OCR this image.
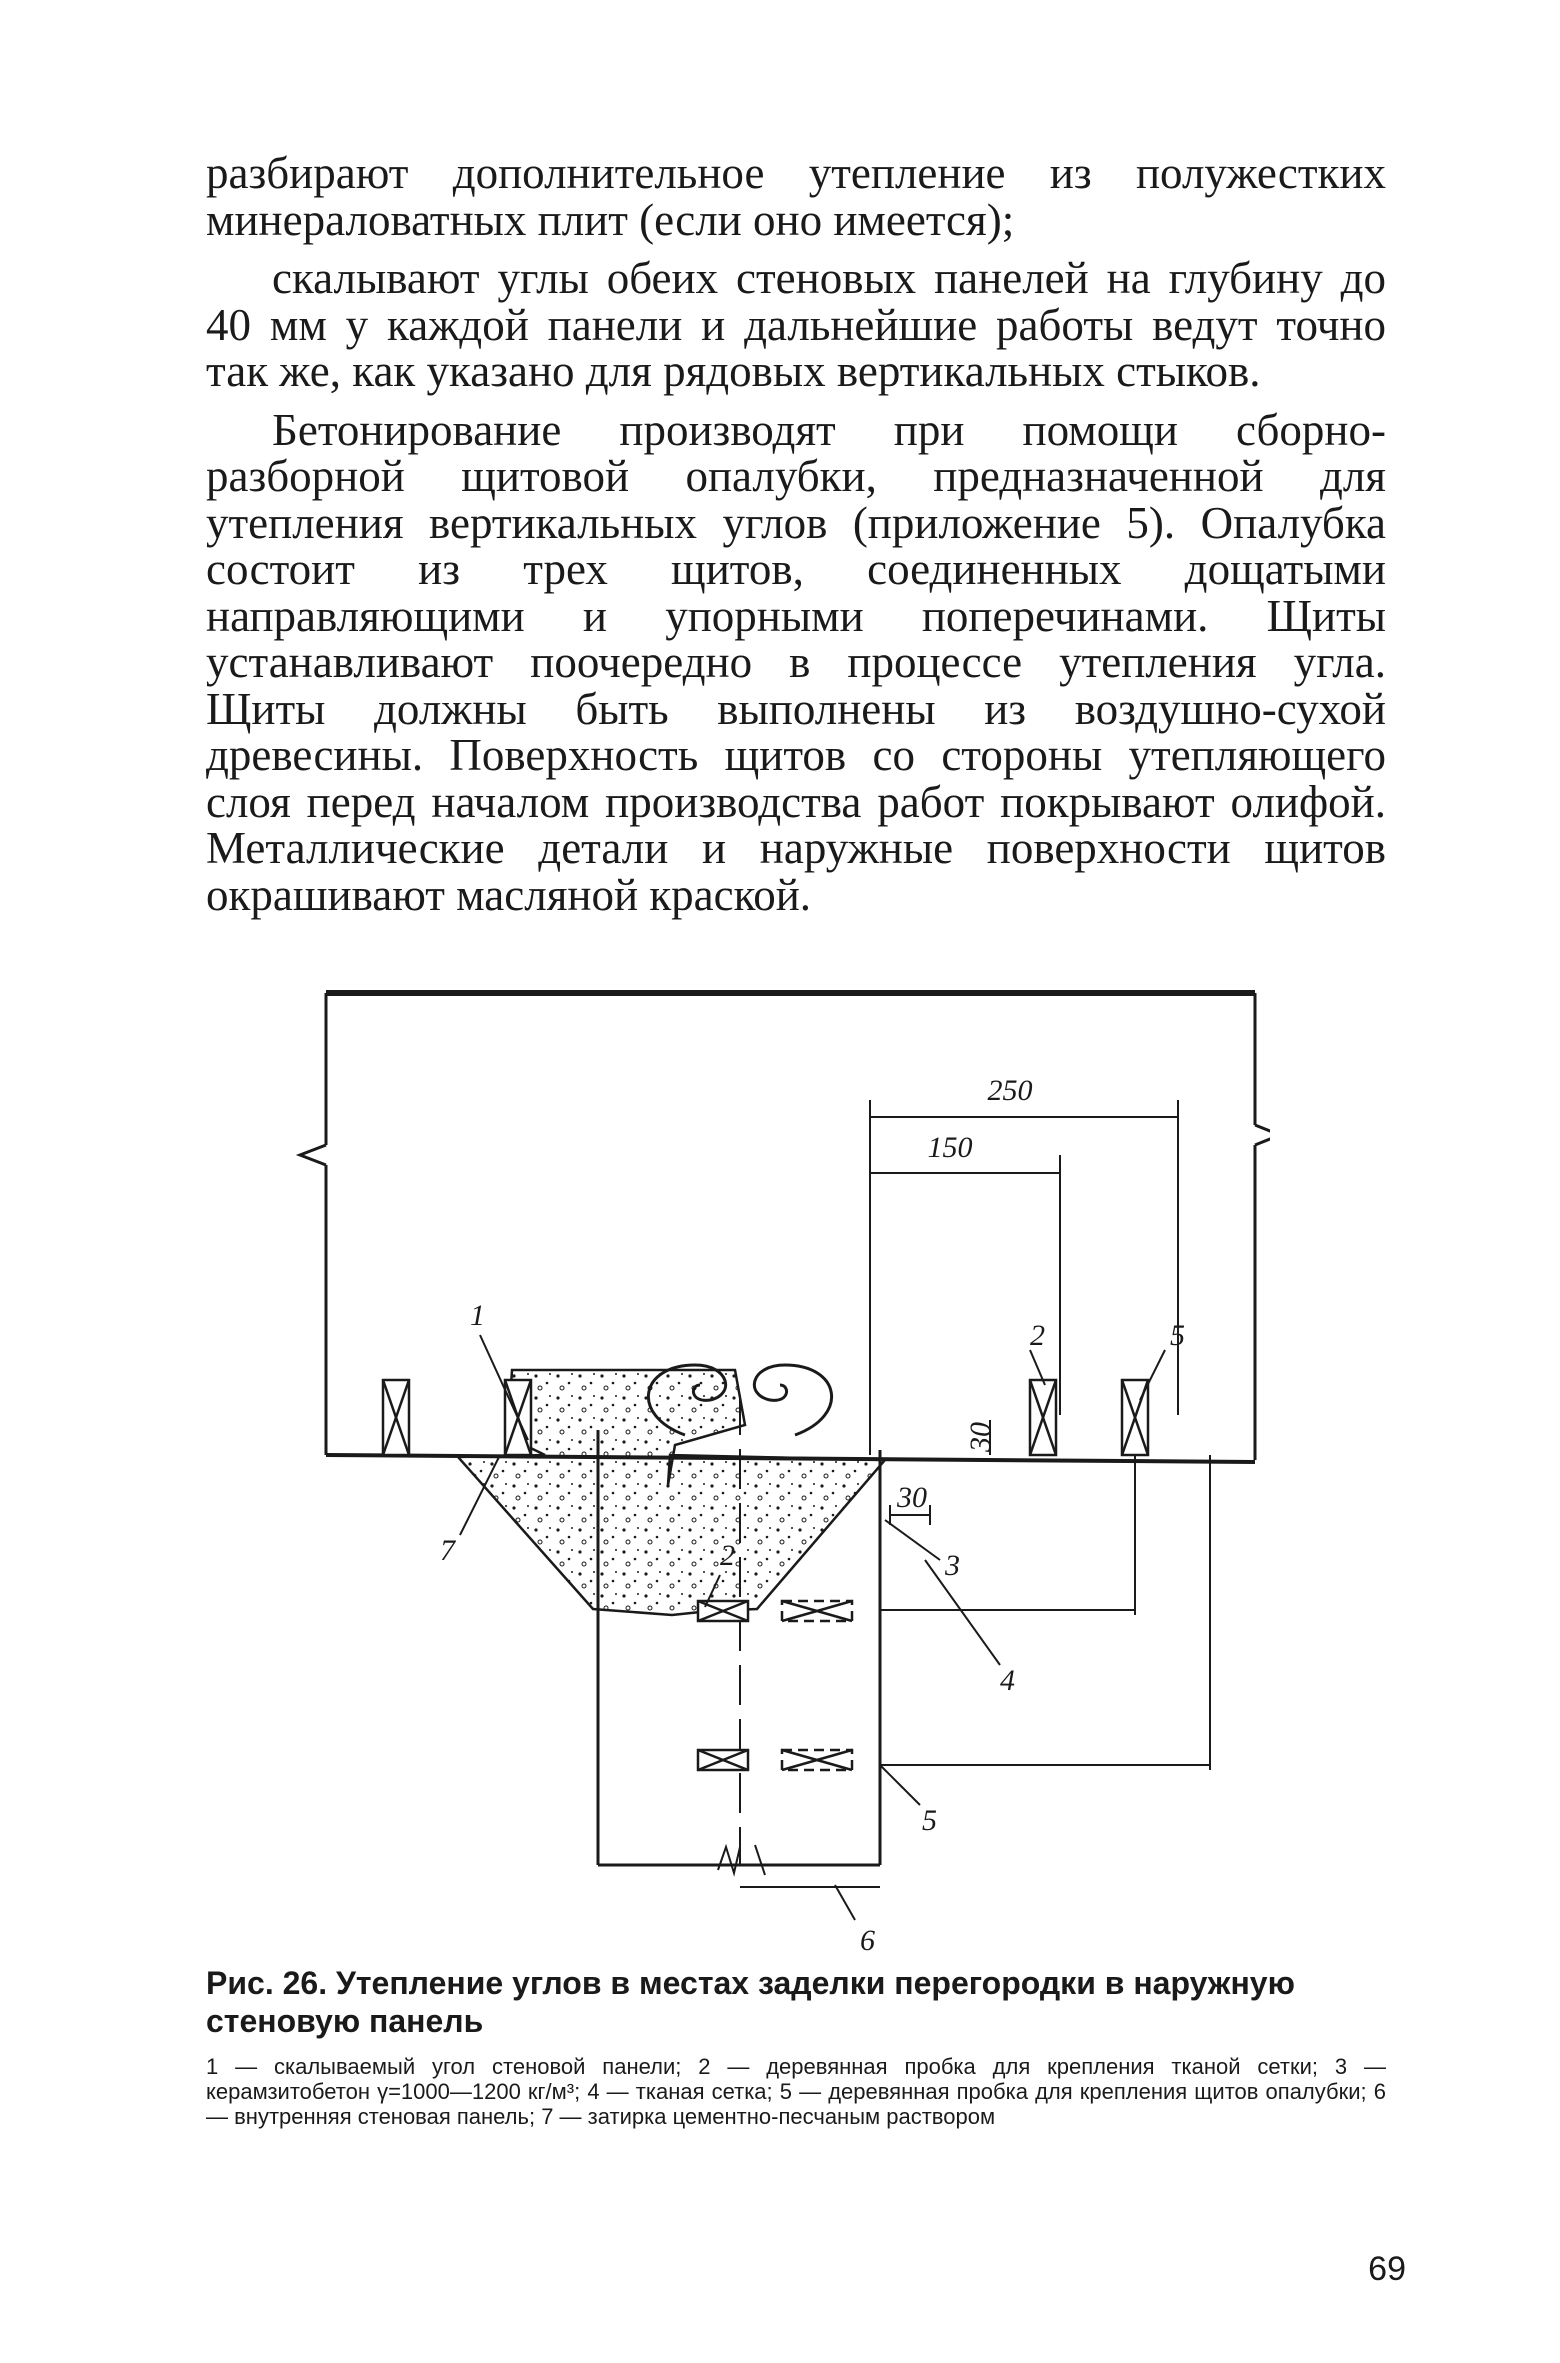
разбирают дополнительное утепление из полужестких минераловатных плит (если оно имеется);

скалывают углы обеих стеновых панелей на глубину до 40 мм у каждой панели и дальнейшие работы ведут точно так же, как указано для рядовых вертикальных стыков.

Бетонирование производят при помощи сборно-разборной щитовой опалубки, предназначенной для утепления вертикальных углов (приложение 5). Опалубка состоит из трех щитов, соединенных дощатыми направляющими и упорными поперечинами. Щиты устанавливают поочередно в процессе утепления угла. Щиты должны быть выполнены из воздушно-сухой древесины. Поверхность щитов со стороны утепляющего слоя перед началом производства работ покрывают олифой. Металлические детали и наружные поверхности щитов окрашивают масляной краской.

250
150
30
30
1
2
2	3
4
5
5
6
7

Рис. 26. Утепление углов в местах заделки перегородки в наружную стеновую панель

1 — скалываемый угол стеновой панели; 2 — деревянная пробка для крепления тканой сетки; 3 — керамзитобетон γ=1000—1200 кг/м³; 4 — тканая сетка; 5 — деревянная пробка для крепления щитов опалубки; 6 — внутренняя стеновая панель; 7 — затирка цементно-песчаным раствором

69
